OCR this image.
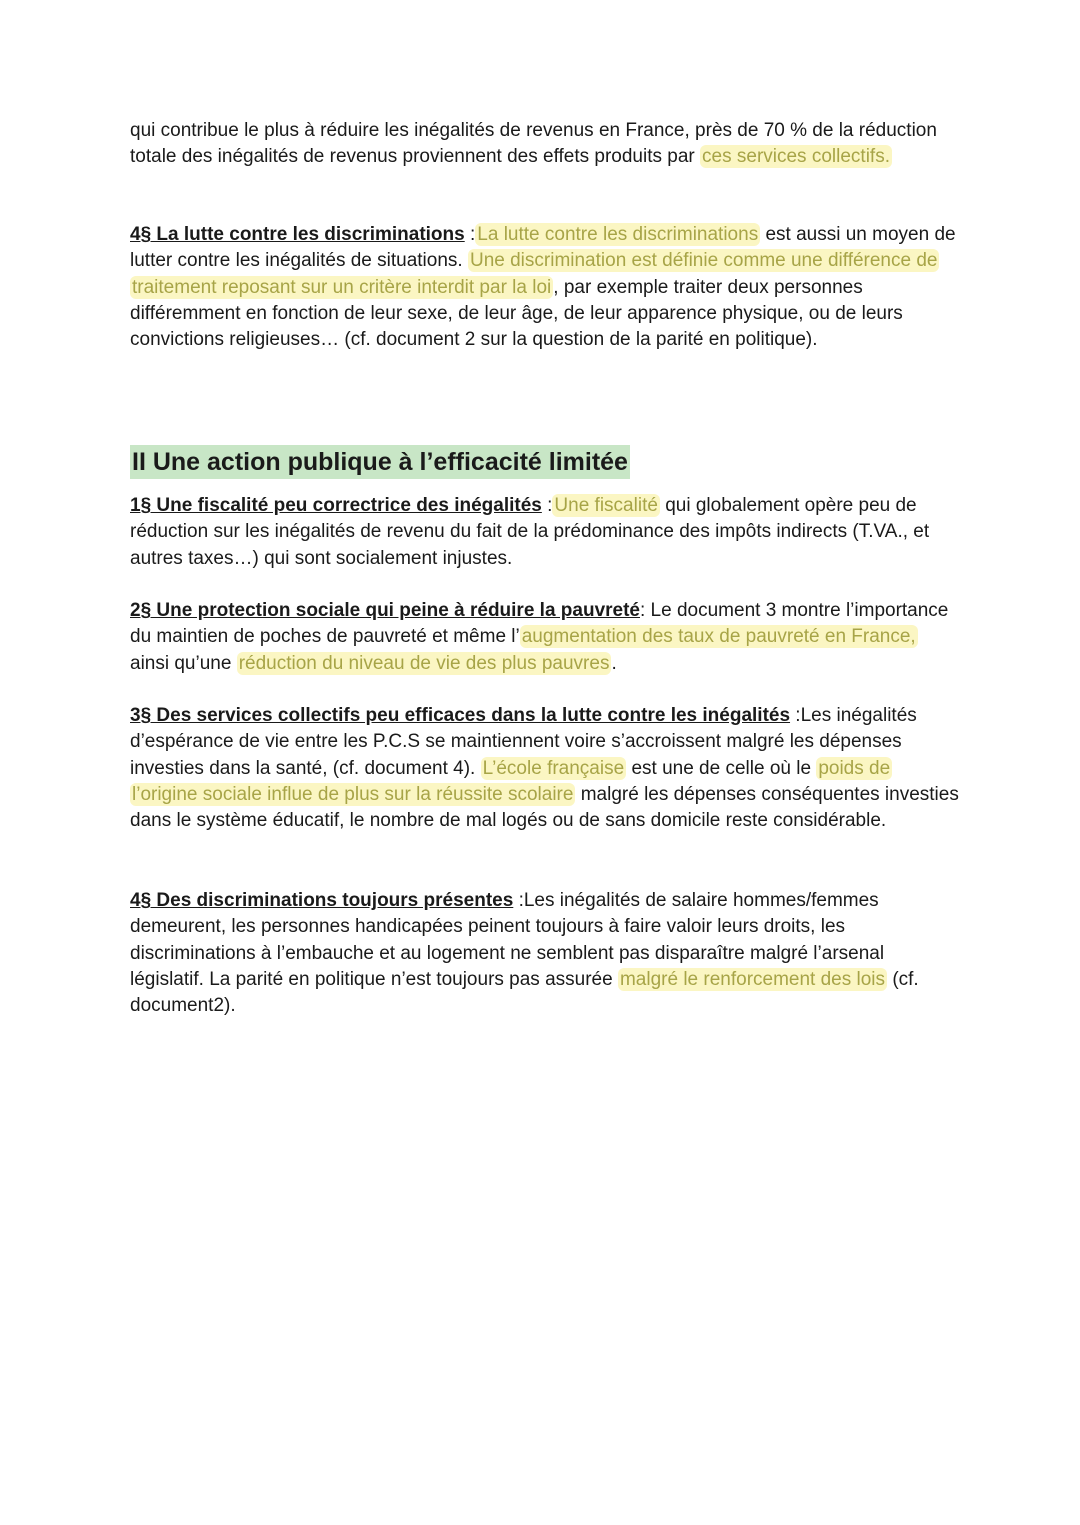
qui contribue le plus à réduire les inégalités de revenus en France, près de 70 % de la réduction totale des inégalités de revenus proviennent des effets produits par ces services collectifs.

4§ La lutte contre les discriminations : La lutte contre les discriminations est aussi un moyen de lutter contre les inégalités de situations. Une discrimination est définie comme une différence de traitement reposant sur un critère interdit par la loi , par exemple traiter deux personnes différemment en fonction de leur sexe, de leur âge, de leur apparence physique, ou de leurs convictions religieuses… (cf. document 2 sur la question de la parité en politique).

II Une action publique à l’efficacité limitée

1§ Une fiscalité peu correctrice des inégalités : Une fiscalité qui globalement opère peu de réduction sur les inégalités de revenu du fait de la prédominance des impôts indirects (T.VA., et autres taxes…) qui sont socialement injustes.

2§ Une protection sociale qui peine à réduire la pauvreté: Le document 3 montre l’importance du maintien de poches de pauvreté et même l’ augmentation des taux de pauvreté en France, ainsi qu’une réduction du niveau de vie des plus pauvres .

3§ Des services collectifs peu efficaces dans la lutte contre les inégalités :Les inégalités d’espérance de vie entre les P.C.S se maintiennent voire s’accroissent malgré les dépenses investies dans la santé, (cf. document 4). L’école française est une de celle où le poids de l’origine sociale influe de plus sur la réussite scolaire malgré les dépenses conséquentes investies dans le système éducatif, le nombre de mal logés ou de sans domicile reste considérable.

4§ Des discriminations toujours présentes :Les inégalités de salaire hommes/femmes demeurent, les personnes handicapées peinent toujours à faire valoir leurs droits, les discriminations à l’embauche et au logement ne semblent pas disparaître malgré l’arsenal législatif. La parité en politique n’est toujours pas assurée malgré le renforcement des lois (cf. document2).
